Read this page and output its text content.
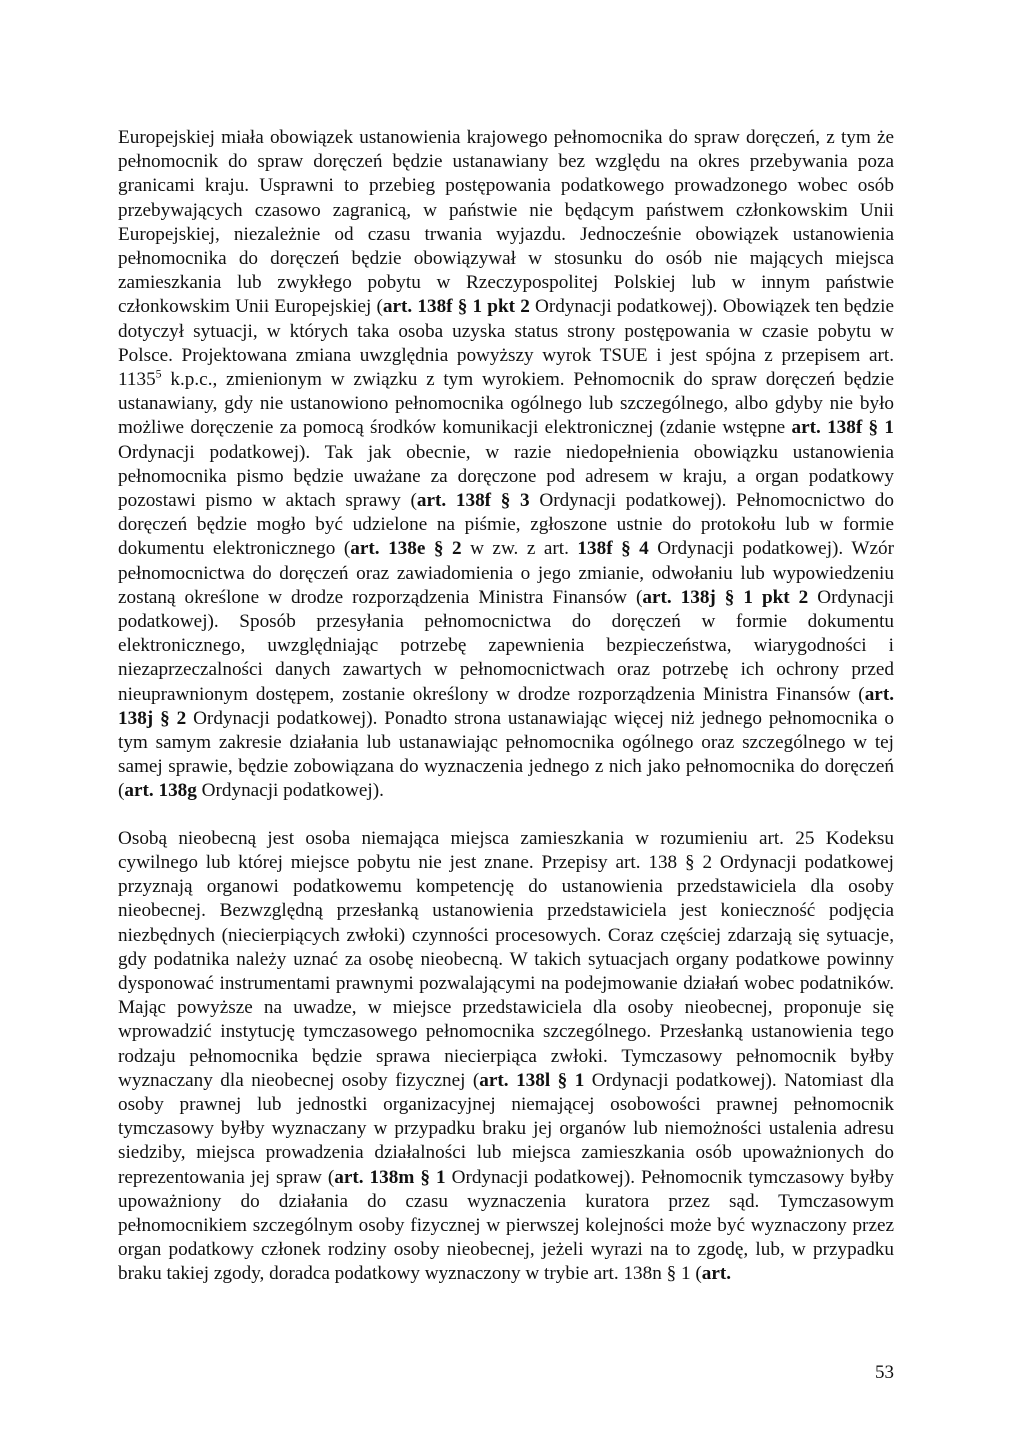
Europejskiej miała obowiązek ustanowienia krajowego pełnomocnika do spraw doręczeń, z tym że pełnomocnik do spraw doręczeń będzie ustanawiany bez względu na okres przebywania poza granicami kraju. Usprawni to przebieg postępowania podatkowego prowadzonego wobec osób przebywających czasowo zagranicą, w państwie nie będącym państwem członkowskim Unii Europejskiej, niezależnie od czasu trwania wyjazdu. Jednocześnie obowiązek ustanowienia pełnomocnika do doręczeń będzie obowiązywał w stosunku do osób nie mających miejsca zamieszkania lub zwykłego pobytu w Rzeczypospolitej Polskiej lub w innym państwie członkowskim Unii Europejskiej (art. 138f § 1 pkt 2 Ordynacji podatkowej). Obowiązek ten będzie dotyczył sytuacji, w których taka osoba uzyska status strony postępowania w czasie pobytu w Polsce. Projektowana zmiana uwzględnia powyższy wyrok TSUE i jest spójna z przepisem art. 1135$^5$ k.p.c., zmienionym w związku z tym wyrokiem. Pełnomocnik do spraw doręczeń będzie ustanawiany, gdy nie ustanowiono pełnomocnika ogólnego lub szczególnego, albo gdyby nie było możliwe doręczenie za pomocą środków komunikacji elektronicznej (zdanie wstępne art. 138f § 1 Ordynacji podatkowej). Tak jak obecnie, w razie niedopełnienia obowiązku ustanowienia pełnomocnika pismo będzie uważane za doręczone pod adresem w kraju, a organ podatkowy pozostawi pismo w aktach sprawy (art. 138f § 3 Ordynacji podatkowej). Pełnomocnictwo do doręczeń będzie mogło być udzielone na piśmie, zgłoszone ustnie do protokołu lub w formie dokumentu elektronicznego (art. 138e § 2 w zw. z art. 138f § 4 Ordynacji podatkowej). Wzór pełnomocnictwa do doręczeń oraz zawiadomienia o jego zmianie, odwołaniu lub wypowiedzeniu zostaną określone w drodze rozporządzenia Ministra Finansów (art. 138j § 1 pkt 2 Ordynacji podatkowej). Sposób przesyłania pełnomocnictwa do doręczeń w formie dokumentu elektronicznego, uwzględniając potrzebę zapewnienia bezpieczeństwa, wiarygodności i niezaprzeczalności danych zawartych w pełnomocnictwach oraz potrzebę ich ochrony przed nieuprawnionym dostępem, zostanie określony w drodze rozporządzenia Ministra Finansów (art. 138j § 2 Ordynacji podatkowej). Ponadto strona ustanawiając więcej niż jednego pełnomocnika o tym samym zakresie działania lub ustanawiając pełnomocnika ogólnego oraz szczególnego w tej samej sprawie, będzie zobowiązana do wyznaczenia jednego z nich jako pełnomocnika do doręczeń (art. 138g Ordynacji podatkowej).

Osobą nieobecną jest osoba niemająca miejsca zamieszkania w rozumieniu art. 25 Kodeksu cywilnego lub której miejsce pobytu nie jest znane. Przepisy art. 138 § 2 Ordynacji podatkowej przyznają organowi podatkowemu kompetencję do ustanowienia przedstawiciela dla osoby nieobecnej. Bezwzględną przesłanką ustanowienia przedstawiciela jest konieczność podjęcia niezbędnych (niecierpiących zwłoki) czynności procesowych. Coraz częściej zdarzają się sytuacje, gdy podatnika należy uznać za osobę nieobecną. W takich sytuacjach organy podatkowe powinny dysponować instrumentami prawnymi pozwalającymi na podejmowanie działań wobec podatników. Mając powyższe na uwadze, w miejsce przedstawiciela dla osoby nieobecnej, proponuje się wprowadzić instytucję tymczasowego pełnomocnika szczególnego. Przesłanką ustanowienia tego rodzaju pełnomocnika będzie sprawa niecierpiąca zwłoki. Tymczasowy pełnomocnik byłby wyznaczany dla nieobecnej osoby fizycznej (art. 138l § 1 Ordynacji podatkowej). Natomiast dla osoby prawnej lub jednostki organizacyjnej niemającej osobowości prawnej pełnomocnik tymczasowy byłby wyznaczany w przypadku braku jej organów lub niemożności ustalenia adresu siedziby, miejsca prowadzenia działalności lub miejsca zamieszkania osób upoważnionych do reprezentowania jej spraw (art. 138m § 1 Ordynacji podatkowej). Pełnomocnik tymczasowy byłby upoważniony do działania do czasu wyznaczenia kuratora przez sąd. Tymczasowym pełnomocnikiem szczególnym osoby fizycznej w pierwszej kolejności może być wyznaczony przez organ podatkowy członek rodziny osoby nieobecnej, jeżeli wyrazi na to zgodę, lub, w przypadku braku takiej zgody, doradca podatkowy wyznaczony w trybie art. 138n § 1 (art.

53
